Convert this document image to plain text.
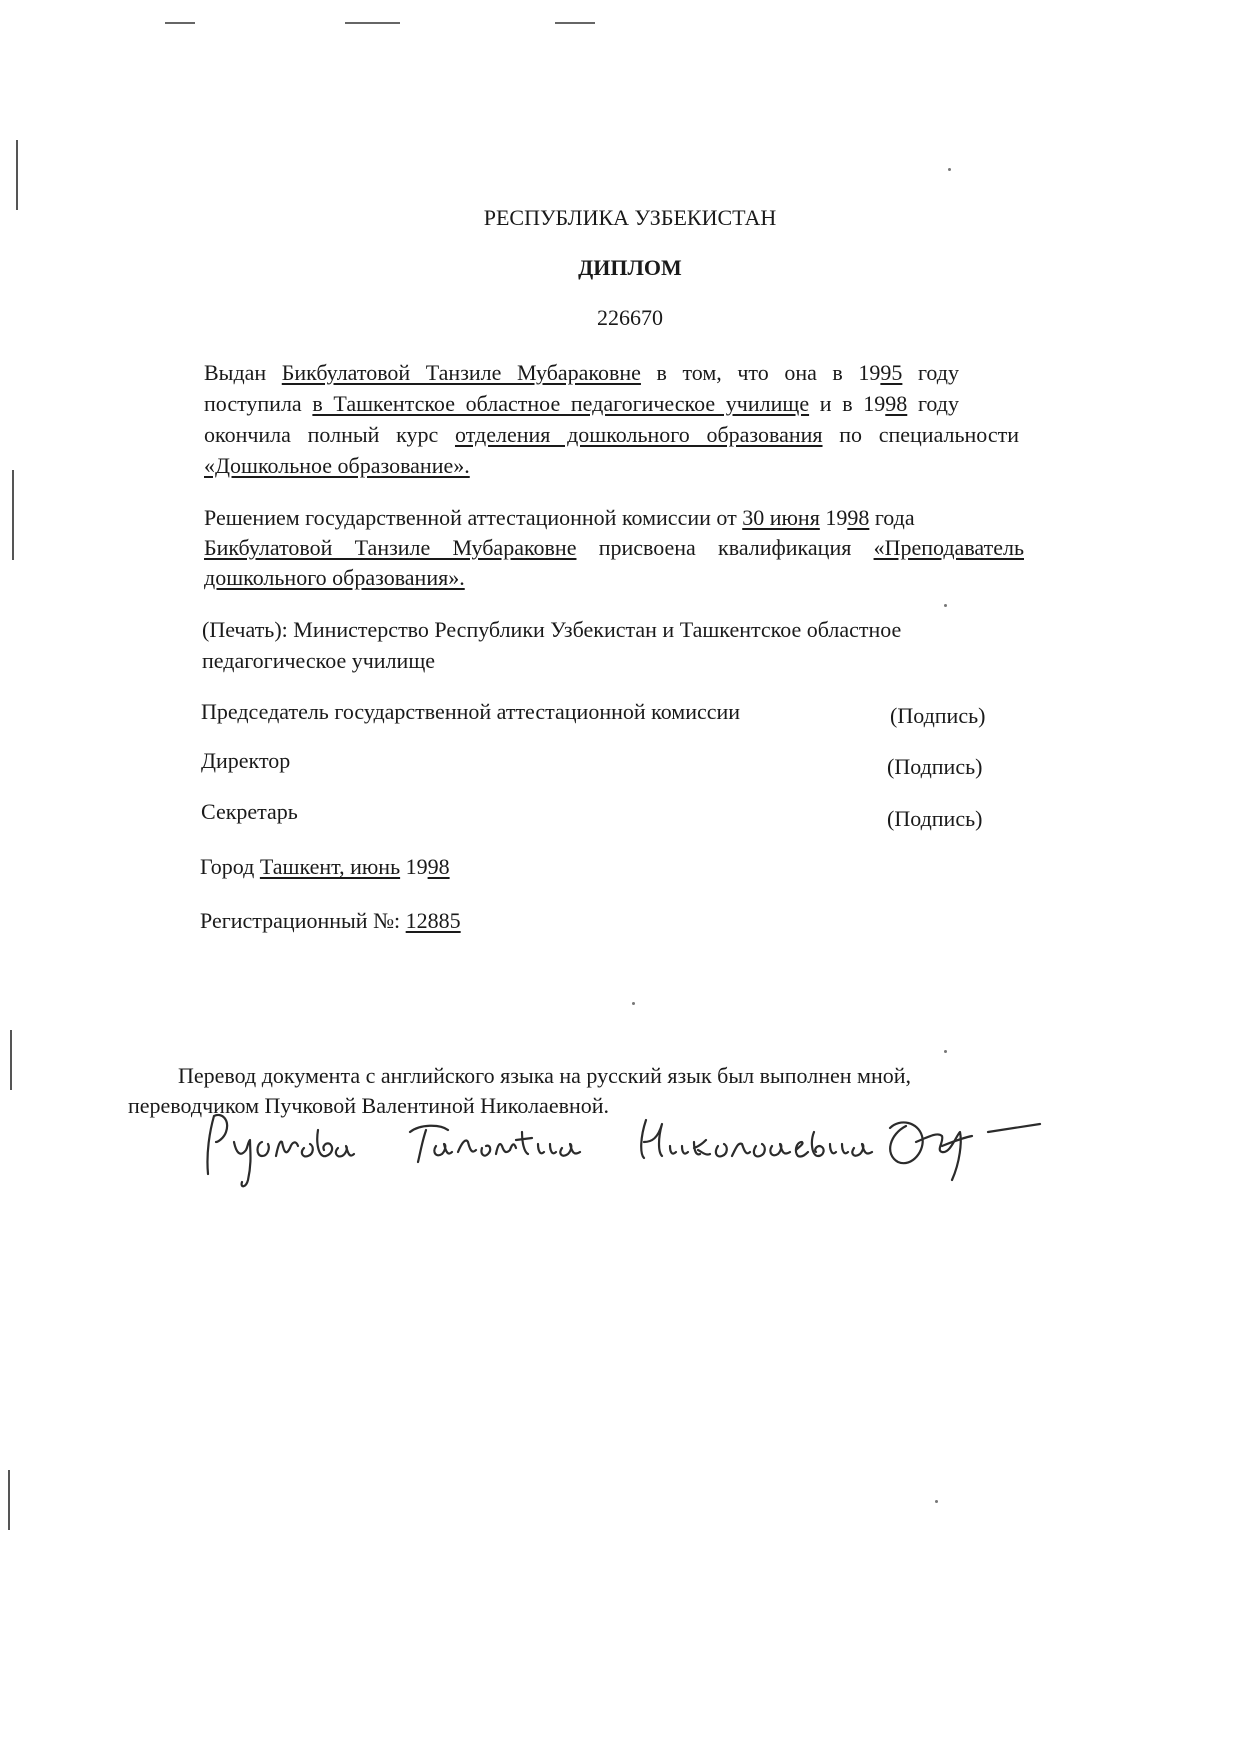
РЕСПУБЛИКА УЗБЕКИСТАН
ДИПЛОМ
226670
Выдан Бикбулатовой Танзиле Мубараковне в том, что она в 1995 году
поступила в Ташкентское областное педагогическое училище и в 1998 году
окончила полный курс отделения дошкольного образования по специальности
«Дошкольное образование».
Решением государственной аттестационной комиссии от 30 июня 1998 года
Бикбулатовой Танзиле Мубараковне присвоена квалификация «Преподаватель
дошкольного образования».
(Печать): Министерство Республики Узбекистан и Ташкентское областное
педагогическое училище
Председатель государственной аттестационной комиссии	(Подпись)
Директор	(Подпись)
Секретарь	(Подпись)
Город Ташкент, июнь 1998
Регистрационный №: 12885
Перевод документа с английского языка на русский язык был выполнен мной,
переводчиком Пучковой Валентиной Николаевной.
